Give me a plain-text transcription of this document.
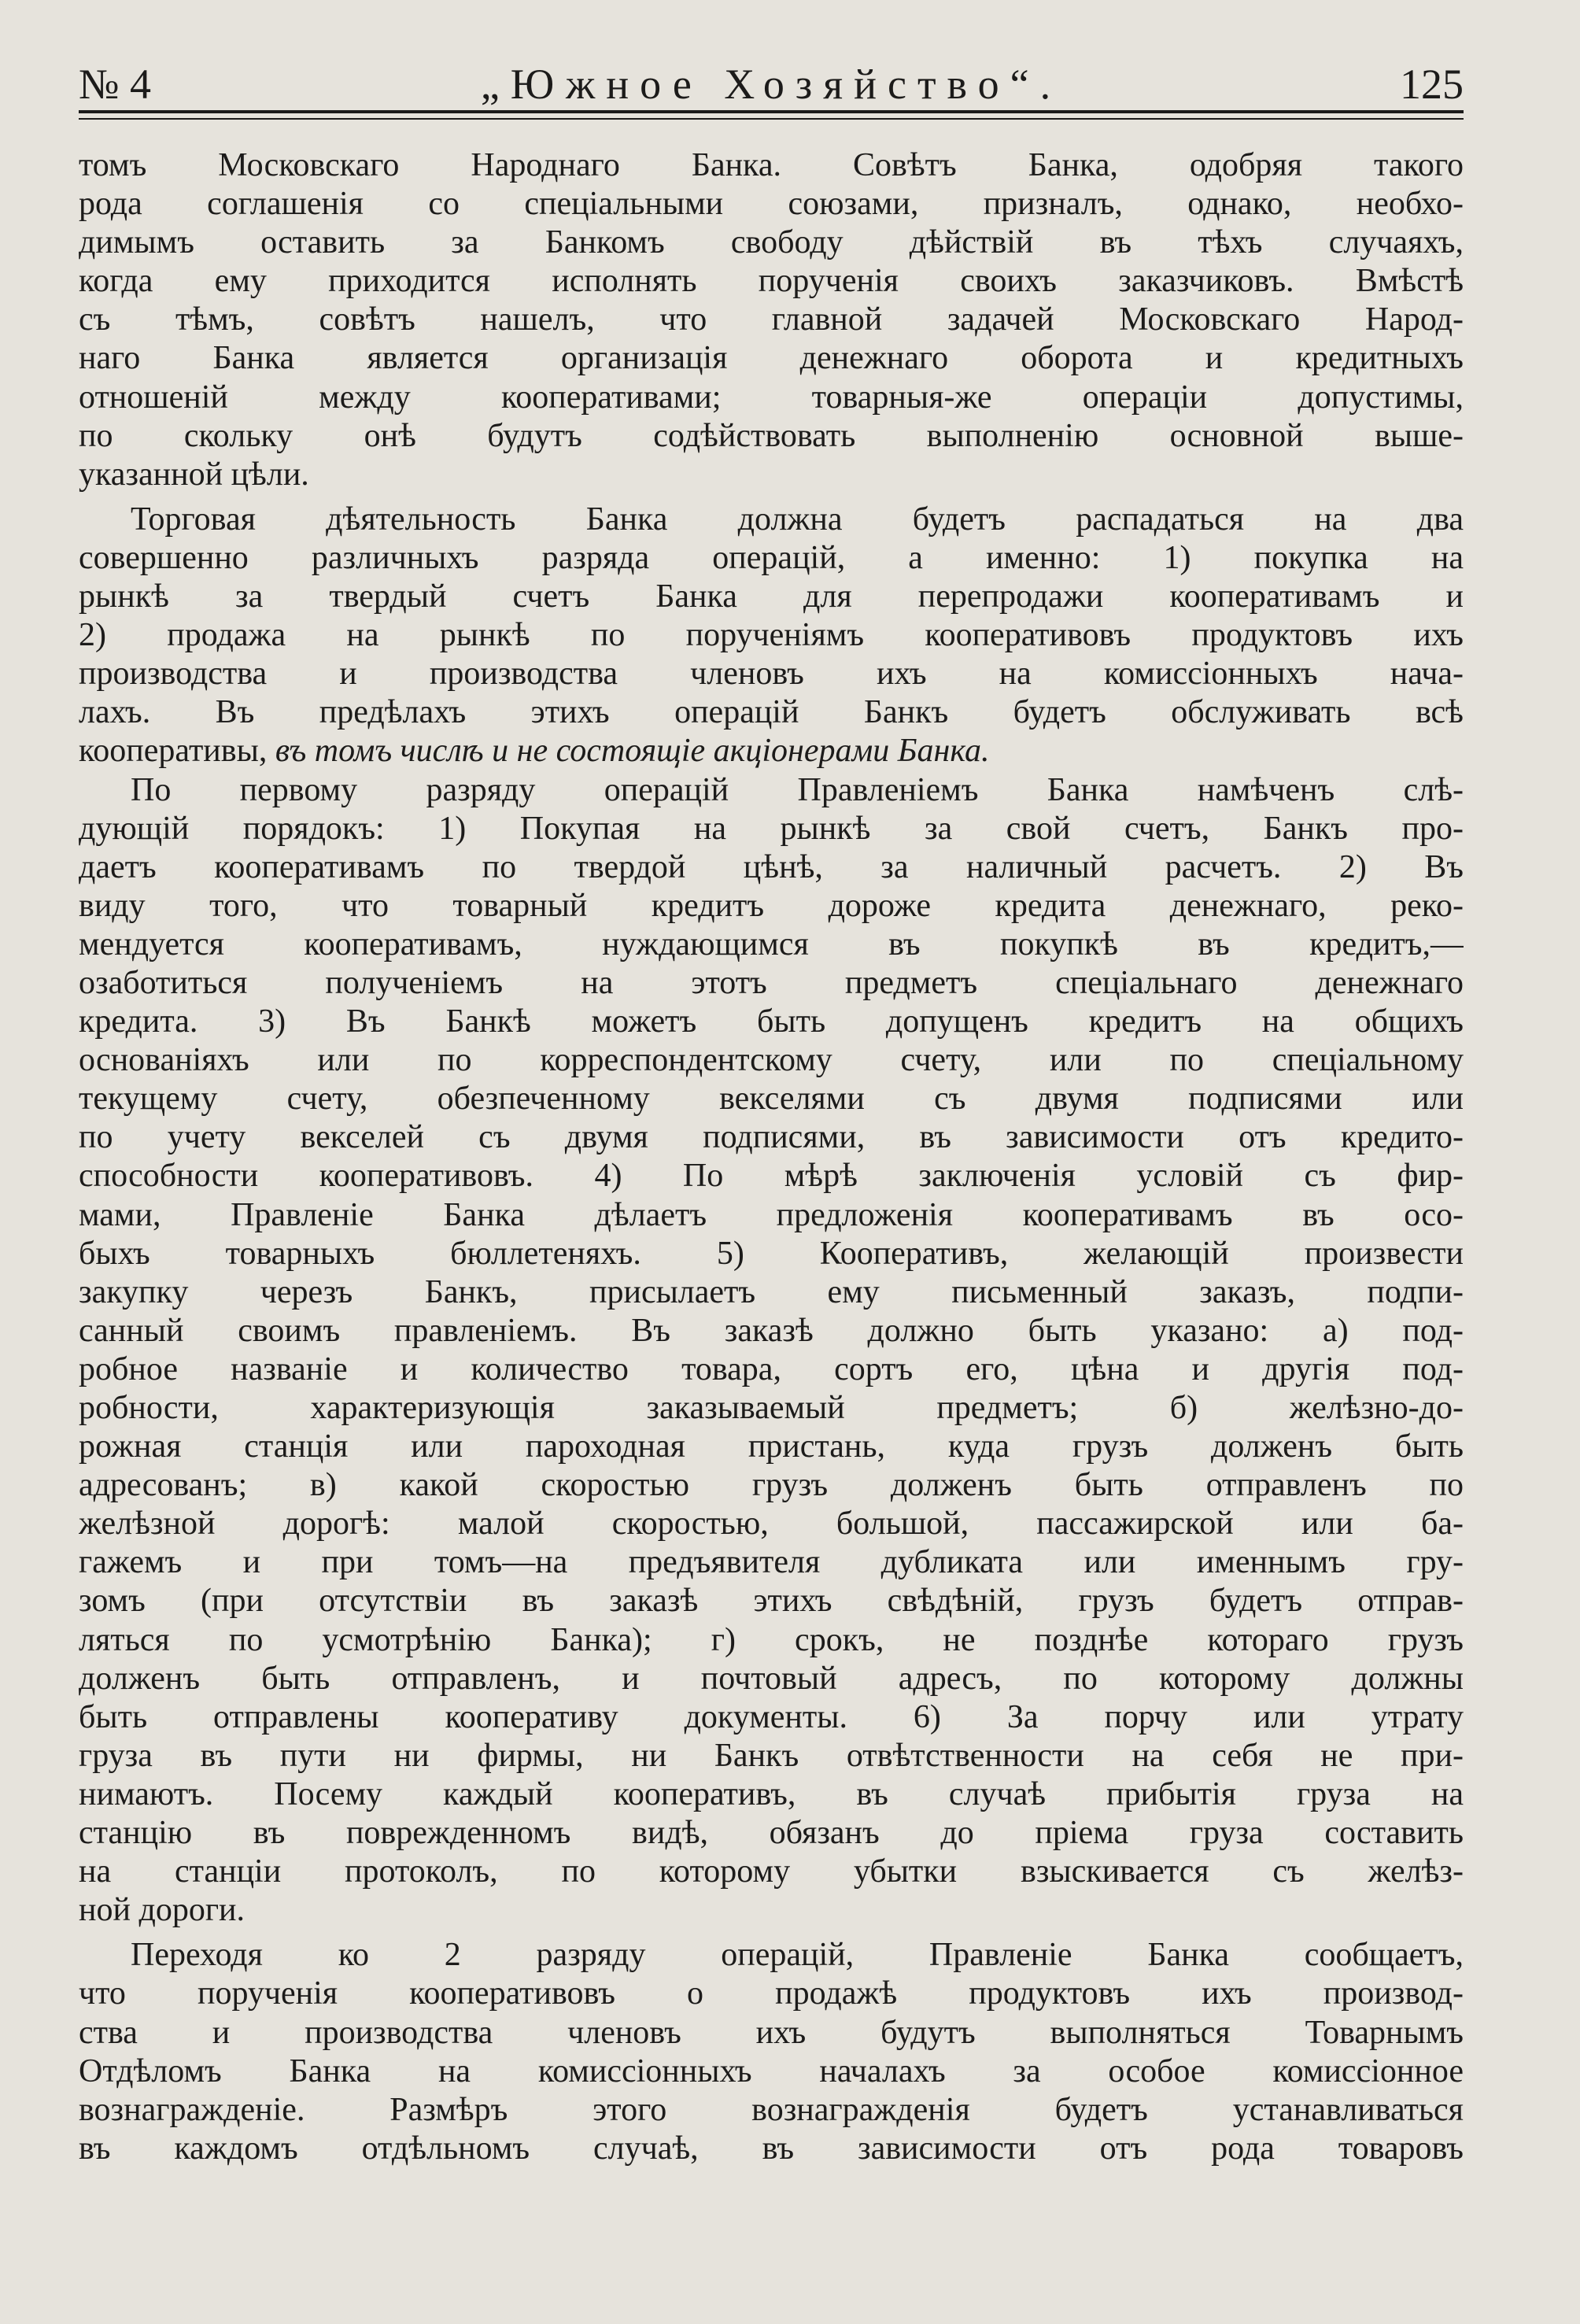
№ 4	„Южное Хозяйство“.	125
томъ Московскаго Народнаго Банка. Совѣтъ Банка, одобряя такого
рода соглашенія со спеціальными союзами, призналъ, однако, необхо-
димымъ оставить за Банкомъ свободу дѣйствій въ тѣхъ случаяхъ,
когда ему приходится исполнять порученія своихъ заказчиковъ. Вмѣстѣ
съ тѣмъ, совѣтъ нашелъ, что главной задачей Московскаго Народ-
наго Банка является организація денежнаго оборота и кредитныхъ
отношеній между кооперативами; товарныя-же операціи допустимы,
по скольку онѣ будутъ содѣйствовать выполненію основной выше-
указанной цѣли.
Торговая дѣятельность Банка должна будетъ распадаться на два
совершенно различныхъ разряда операцій, а именно: 1) покупка на
рынкѣ за твердый счетъ Банка для перепродажи кооперативамъ и
2) продажа на рынкѣ по порученіямъ кооперативовъ продуктовъ ихъ
производства и производства членовъ ихъ на комиссіонныхъ нача-
лахъ. Въ предѣлахъ этихъ операцій Банкъ будетъ обслуживать всѣ
кооперативы, въ томъ числѣ и не состоящіе акціонерами Банка.
По первому разряду операцій Правленіемъ Банка намѣченъ слѣ-
дующій порядокъ: 1) Покупая на рынкѣ за свой счетъ, Банкъ про-
даетъ кооперативамъ по твердой цѣнѣ, за наличный расчетъ. 2) Въ
виду того, что товарный кредитъ дороже кредита денежнаго, реко-
мендуется кооперативамъ, нуждающимся въ покупкѣ въ кредитъ,—
озаботиться полученіемъ на этотъ предметъ спеціальнаго денежнаго
кредита. 3) Въ Банкѣ можетъ быть допущенъ кредитъ на общихъ
основаніяхъ или по корреспондентскому счету, или по спеціальному
текущему счету, обезпеченному векселями съ двумя подписями или
по учету векселей съ двумя подписями, въ зависимости отъ кредито-
способности кооперативовъ. 4) По мѣрѣ заключенія условій съ фир-
мами, Правленіе Банка дѣлаетъ предложенія кооперативамъ въ осо-
быхъ товарныхъ бюллетеняхъ. 5) Кооперативъ, желающій произвести
закупку черезъ Банкъ, присылаетъ ему письменный заказъ, подпи-
санный своимъ правленіемъ. Въ заказѣ должно быть указано: а) под-
робное названіе и количество товара, сортъ его, цѣна и другія под-
робности, характеризующія заказываемый предметъ; б) желѣзно-до-
рожная станція или пароходная пристань, куда грузъ долженъ быть
адресованъ; в) какой скоростью грузъ долженъ быть отправленъ по
желѣзной дорогѣ: малой скоростью, большой, пассажирской или ба-
гажемъ и при томъ—на предъявителя дубликата или именнымъ гру-
зомъ (при отсутствіи въ заказѣ этихъ свѣдѣній, грузъ будетъ отправ-
ляться по усмотрѣнію Банка); г) срокъ, не позднѣе котораго грузъ
долженъ быть отправленъ, и почтовый адресъ, по которому должны
быть отправлены кооперативу документы. 6) За порчу или утрату
груза въ пути ни фирмы, ни Банкъ отвѣтственности на себя не при-
нимаютъ. Посему каждый кооперативъ, въ случаѣ прибытія груза на
станцію въ поврежденномъ видѣ, обязанъ до пріема груза составить
на станціи протоколъ, по которому убытки взыскивается съ желѣз-
ной дороги.
Переходя ко 2 разряду операцій, Правленіе Банка сообщаетъ,
что порученія кооперативовъ о продажѣ продуктовъ ихъ производ-
ства и производства членовъ ихъ будутъ выполняться Товарнымъ
Отдѣломъ Банка на комиссіонныхъ началахъ за особое комиссіонное
вознагражденіе. Размѣръ этого вознагражденія будетъ устанавливаться
въ каждомъ отдѣльномъ случаѣ, въ зависимости отъ рода товаровъ
